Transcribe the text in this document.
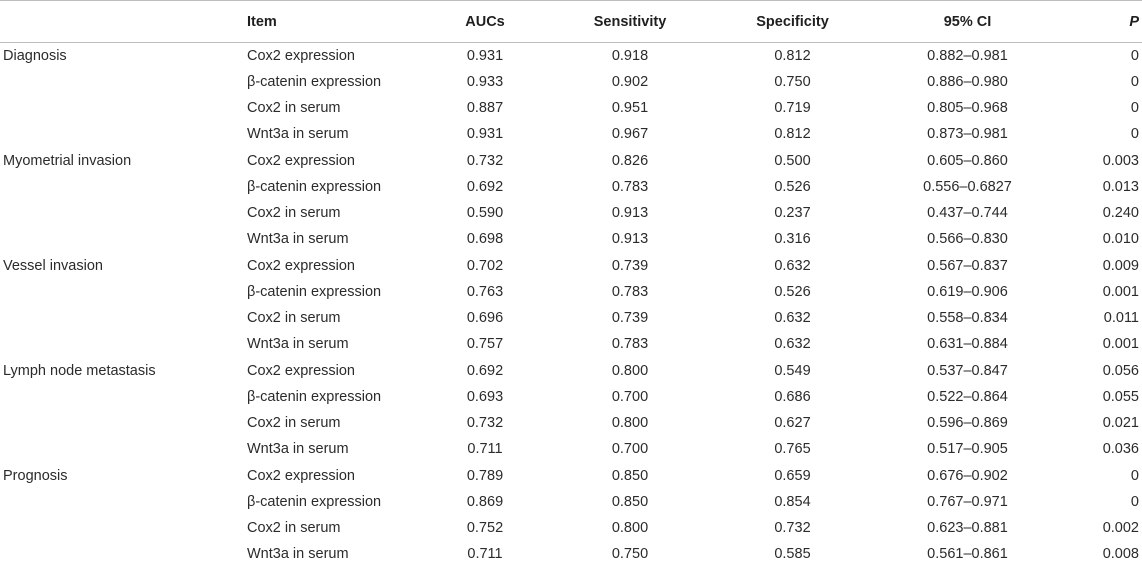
	Item	AUCs	Sensitivity	Specificity	95% CI	P
Diagnosis	Cox2 expression	0.931	0.918	0.812	0.882–0.981	0
	β-catenin expression	0.933	0.902	0.750	0.886–0.980	0
	Cox2 in serum	0.887	0.951	0.719	0.805–0.968	0
	Wnt3a in serum	0.931	0.967	0.812	0.873–0.981	0
Myometrial invasion	Cox2 expression	0.732	0.826	0.500	0.605–0.860	0.003
	β-catenin expression	0.692	0.783	0.526	0.556–0.6827	0.013
	Cox2 in serum	0.590	0.913	0.237	0.437–0.744	0.240
	Wnt3a in serum	0.698	0.913	0.316	0.566–0.830	0.010
Vessel invasion	Cox2 expression	0.702	0.739	0.632	0.567–0.837	0.009
	β-catenin expression	0.763	0.783	0.526	0.619–0.906	0.001
	Cox2 in serum	0.696	0.739	0.632	0.558–0.834	0.011
	Wnt3a in serum	0.757	0.783	0.632	0.631–0.884	0.001
Lymph node metastasis	Cox2 expression	0.692	0.800	0.549	0.537–0.847	0.056
	β-catenin expression	0.693	0.700	0.686	0.522–0.864	0.055
	Cox2 in serum	0.732	0.800	0.627	0.596–0.869	0.021
	Wnt3a in serum	0.711	0.700	0.765	0.517–0.905	0.036
Prognosis	Cox2 expression	0.789	0.850	0.659	0.676–0.902	0
	β-catenin expression	0.869	0.850	0.854	0.767–0.971	0
	Cox2 in serum	0.752	0.800	0.732	0.623–0.881	0.002
	Wnt3a in serum	0.711	0.750	0.585	0.561–0.861	0.008
